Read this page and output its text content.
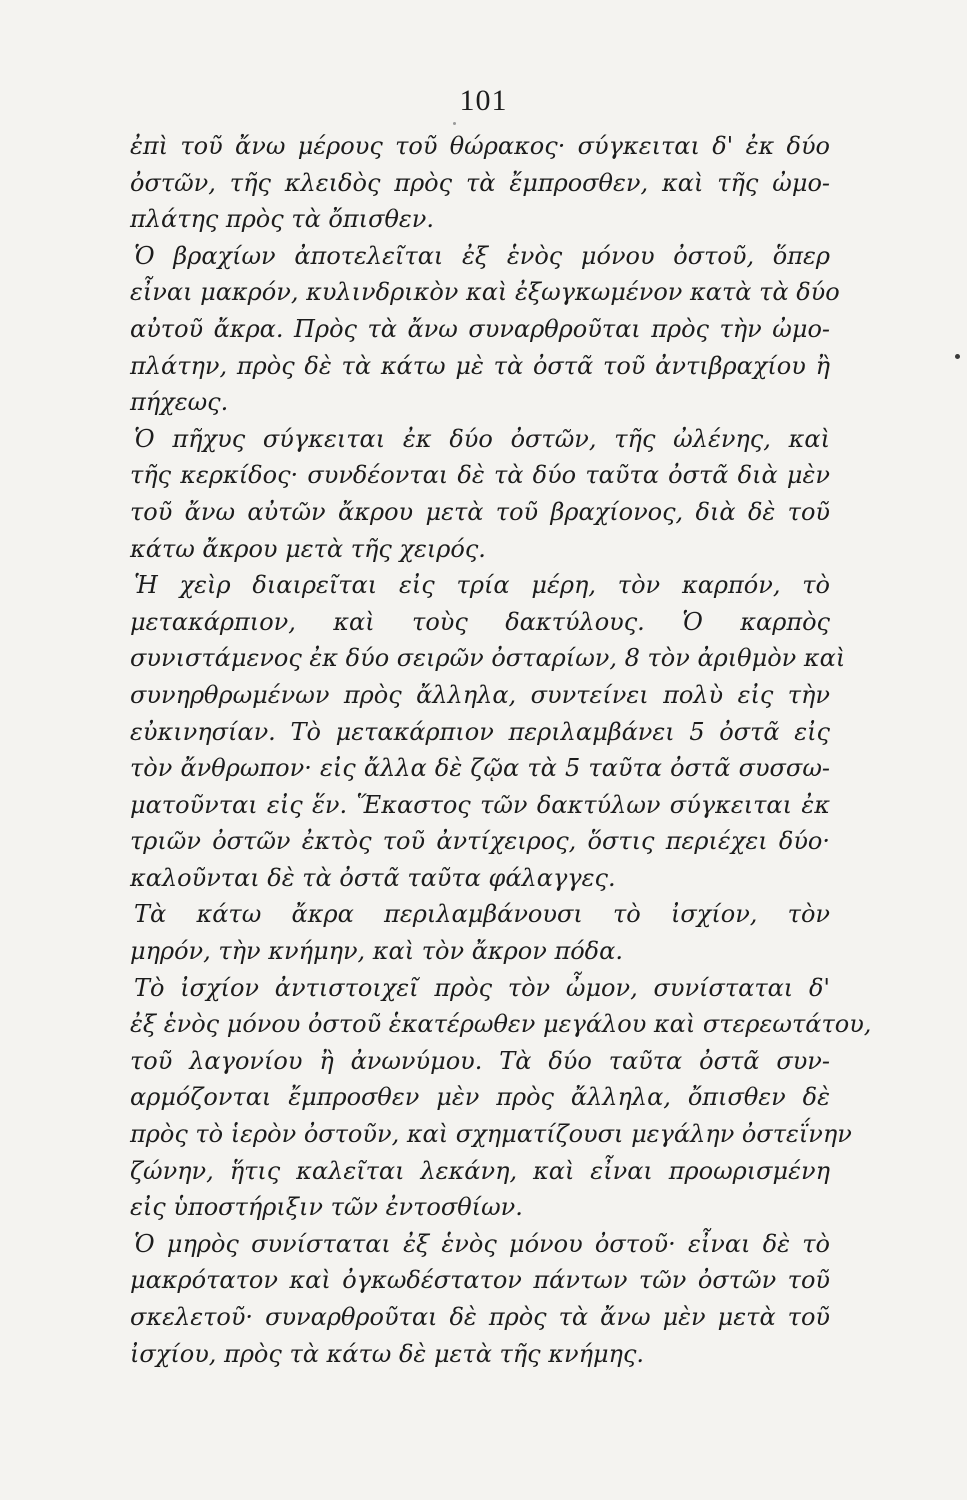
101
ἐπὶ τοῦ ἄνω μέρους τοῦ θώρακος· σύγκειται δ' ἐκ δύο
ὀστῶν, τῆς κλειδὸς πρὸς τὰ ἔμπροσθεν, καὶ τῆς ὠμο-
πλάτης πρὸς τὰ ὄπισθεν.
Ὁ βραχίων ἀποτελεῖται ἐξ ἑνὸς μόνου ὀστοῦ, ὅπερ
εἶναι μακρόν, κυλινδρικὸν καὶ ἐξωγκωμένον κατὰ τὰ δύο
αὐτοῦ ἄκρα. Πρὸς τὰ ἄνω συναρθροῦται πρὸς τὴν ὠμο-
πλάτην, πρὸς δὲ τὰ κάτω μὲ τὰ ὀστᾶ τοῦ ἀντιβραχίου ἢ
πήχεως.
Ὁ πῆχυς σύγκειται ἐκ δύο ὀστῶν, τῆς ὠλένης, καὶ
τῆς κερκίδος· συνδέονται δὲ τὰ δύο ταῦτα ὀστᾶ διὰ μὲν
τοῦ ἄνω αὐτῶν ἄκρου μετὰ τοῦ βραχίονος, διὰ δὲ τοῦ
κάτω ἄκρου μετὰ τῆς χειρός.
Ἡ χεὶρ διαιρεῖται εἰς τρία μέρη, τὸν καρπόν, τὸ
μετακάρπιον, καὶ τοὺς δακτύλους. Ὁ καρπὸς
συνιστάμενος ἐκ δύο σειρῶν ὀσταρίων, 8 τὸν ἀριθμὸν καὶ
συνηρθρωμένων πρὸς ἄλληλα, συντείνει πολὺ εἰς τὴν
εὐκινησίαν. Τὸ μετακάρπιον περιλαμβάνει 5 ὀστᾶ εἰς
τὸν ἄνθρωπον· εἰς ἄλλα δὲ ζῷα τὰ 5 ταῦτα ὀστᾶ συσσω-
ματοῦνται εἰς ἕν. Ἕκαστος τῶν δακτύλων σύγκειται ἐκ
τριῶν ὀστῶν ἐκτὸς τοῦ ἀντίχειρος, ὅστις περιέχει δύο·
καλοῦνται δὲ τὰ ὀστᾶ ταῦτα φάλαγγες.
Τὰ κάτω ἄκρα περιλαμβάνουσι τὸ ἰσχίον, τὸν
μηρόν, τὴν κνήμην, καὶ τὸν ἄκρον πόδα.
Τὸ ἰσχίον ἀντιστοιχεῖ πρὸς τὸν ὦμον, συνίσταται δ'
ἐξ ἑνὸς μόνου ὀστοῦ ἑκατέρωθεν μεγάλου καὶ στερεωτάτου,
τοῦ λαγονίου ἢ ἀνωνύμου. Τὰ δύο ταῦτα ὀστᾶ συν-
αρμόζονται ἔμπροσθεν μὲν πρὸς ἄλληλα, ὄπισθεν δὲ
πρὸς τὸ ἱερὸν ὀστοῦν, καὶ σχηματίζουσι μεγάλην ὀστεΐνην
ζώνην, ἥτις καλεῖται λεκάνη, καὶ εἶναι προωρισμένη
εἰς ὑποστήριξιν τῶν ἐντοσθίων.
Ὁ μηρὸς συνίσταται ἐξ ἑνὸς μόνου ὀστοῦ· εἶναι δὲ τὸ
μακρότατον καὶ ὀγκωδέστατον πάντων τῶν ὀστῶν τοῦ
σκελετοῦ· συναρθροῦται δὲ πρὸς τὰ ἄνω μὲν μετὰ τοῦ
ἰσχίου, πρὸς τὰ κάτω δὲ μετὰ τῆς κνήμης.
